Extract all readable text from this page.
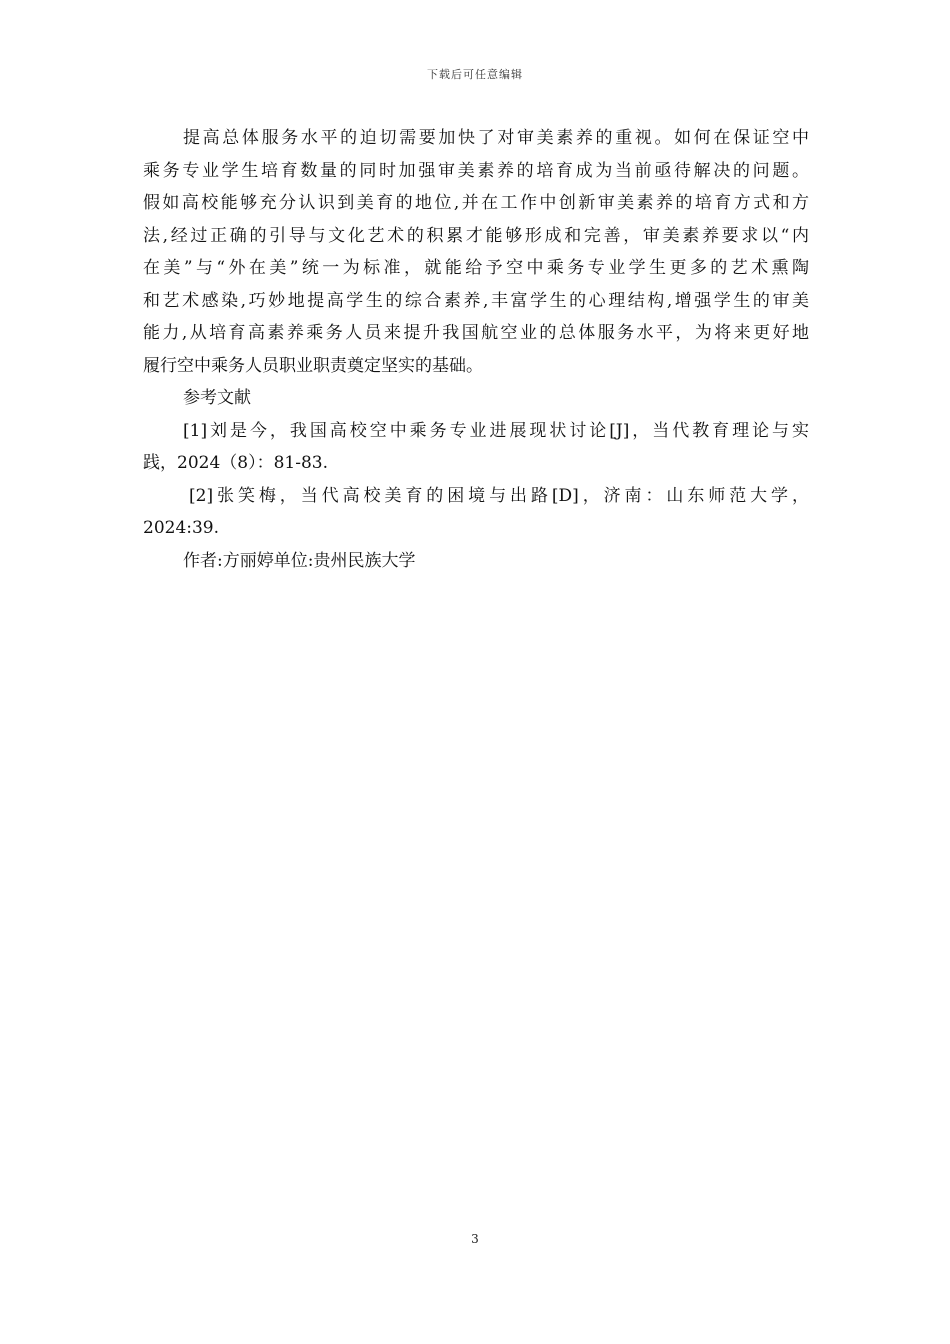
下载后可任意编辑
提高总体服务水平的迫切需要加快了对审美素养的重视。如何在保证空中
乘务专业学生培育数量的同时加强审美素养的培育成为当前亟待解决的问题。
假如高校能够充分认识到美育的地位,并在工作中创新审美素养的培育方式和方
法,经过正确的引导与文化艺术的积累才能够形成和完善，审美素养要求以“内
在美”与“外在美”统一为标准，就能给予空中乘务专业学生更多的艺术熏陶
和艺术感染,巧妙地提高学生的综合素养,丰富学生的心理结构,增强学生的审美
能力,从培育高素养乘务人员来提升我国航空业的总体服务水平，为将来更好地
履行空中乘务人员职业职责奠定坚实的基础。
参考文献
[1]刘是今，我国高校空中乘务专业进展现状讨论[J]，当代教育理论与实
践，2024（8）：81-83.
[2]张笑梅，当代高校美育的困境与出路[D]，济南：山东师范大学，
2024:39.
作者:方丽婷单位:贵州民族大学
3
